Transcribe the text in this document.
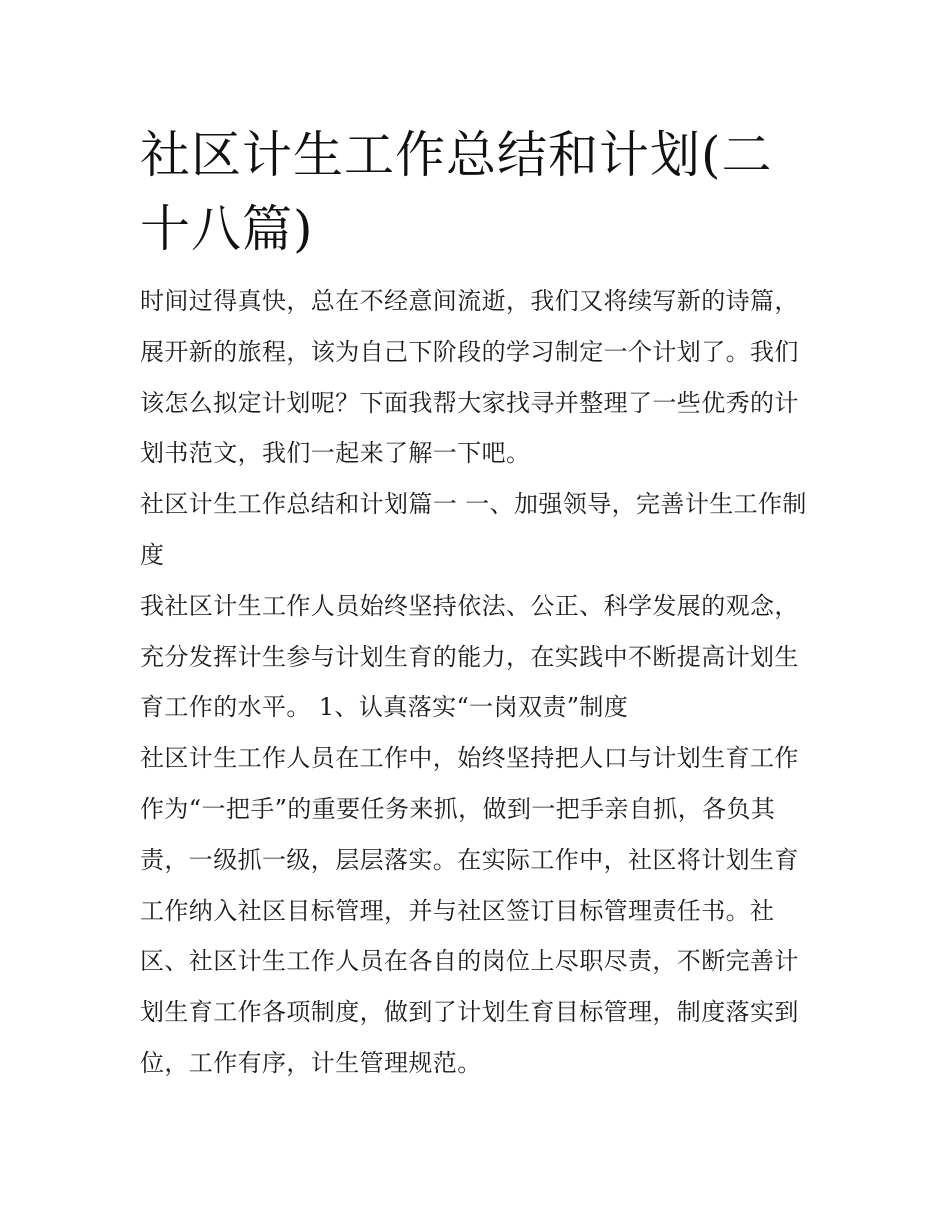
社区计生工作总结和计划(二十八篇)

时间过得真快，总在不经意间流逝，我们又将续写新的诗篇，展开新的旅程，该为自己下阶段的学习制定一个计划了。我们该怎么拟定计划呢？下面我帮大家找寻并整理了一些优秀的计划书范文，我们一起来了解一下吧。

社区计生工作总结和计划篇一 一、加强领导，完善计生工作制度

我社区计生工作人员始终坚持依法、公正、科学发展的观念，充分发挥计生参与计划生育的能力，在实践中不断提高计划生育工作的水平。 1、认真落实“一岗双责”制度

社区计生工作人员在工作中，始终坚持把人口与计划生育工作作为“一把手”的重要任务来抓，做到一把手亲自抓，各负其责，一级抓一级，层层落实。在实际工作中，社区将计划生育工作纳入社区目标管理，并与社区签订目标管理责任书。社区、社区计生工作人员在各自的岗位上尽职尽责，不断完善计划生育工作各项制度，做到了计划生育目标管理，制度落实到位，工作有序，计生管理规范。
